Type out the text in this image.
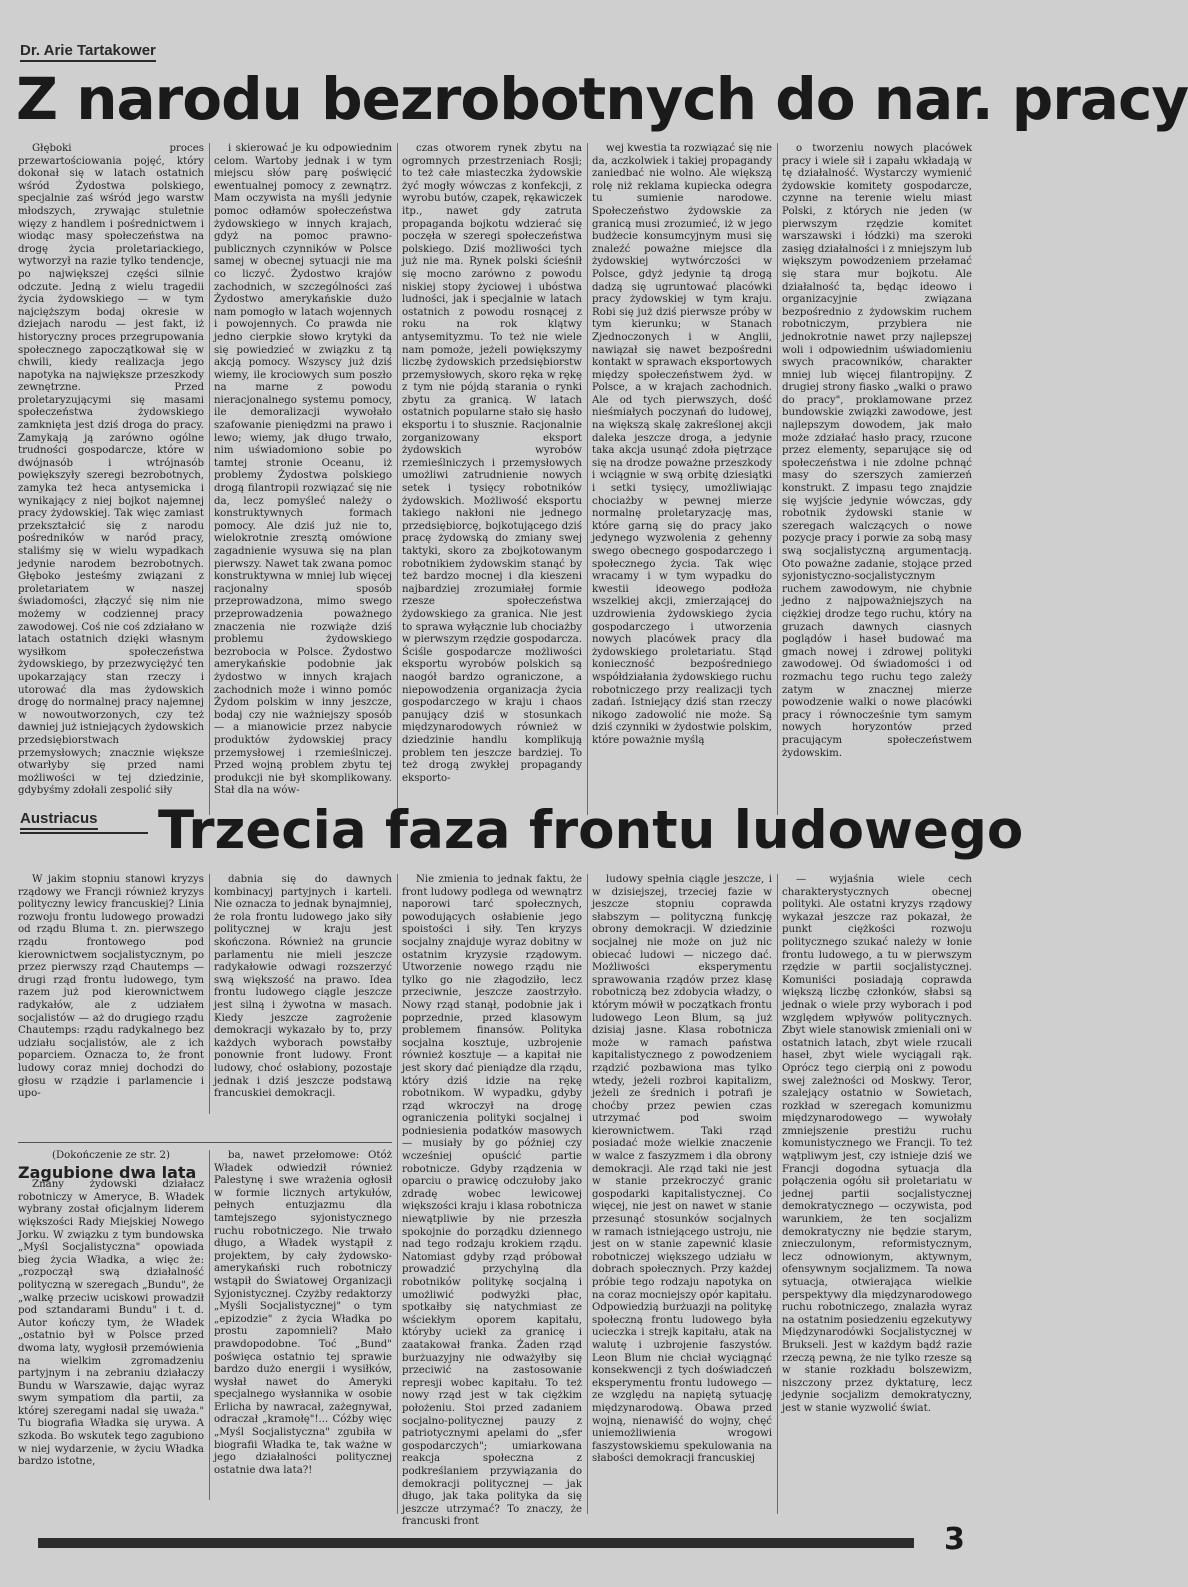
Dr. Arie Tartakower
Z narodu bezrobotnych do nar. pracy

Głęboki proces przewartościowania pojęć, który dokonał się w latach ostatnich wśród Żydostwa polskiego, specjalnie zaś wśród jego warstw młodszych, zrywając stuletnie więzy z handlem i pośrednictwem i wiodąc masy społeczeństwa na drogę życia proletariackiego, wytworzył na razie tylko tendencje, po największej części silnie odczute. Jedną z wielu tragedii życia żydowskiego — w tym najcięższym bodaj okresie w dziejach narodu — jest fakt, iż historyczny proces przegrupowania społecznego zapoczątkował się w chwili, kiedy realizacja jego napotyka na największe przeszkody zewnętrzne. Przed proletaryzującymi się masami społeczeństwa żydowskiego zamknięta jest dziś droga do pracy. Zamykają ją zarówno ogólne trudności gospodarcze, które w dwójnasób i wtrójnasób powiększyły szeregi bezrobotnych, zamyka też heca antysemicka i wynikający z niej bojkot najemnej pracy żydowskiej. Tak więc zamiast przekształcić się z narodu pośredników w naród pracy, staliśmy się w wielu wypadkach jedynie narodem bezrobotnych. Głęboko jesteśmy związani z proletariatem w naszej świadomości, złączyć się nim nie możemy w codziennej pracy zawodowej. Coś nie coś zdziałano w latach ostatnich dzięki własnym wysiłkom społeczeństwa żydowskiego, by przezwyciężyć ten upokarzający stan rzeczy i utorować dla mas żydowskich drogę do normalnej pracy najemnej w nowoutworzonych, czy też dawniej już istniejących żydowskich przedsiębiorstwach przemysłowych; znacznie większe otwarłyby się przed nami możliwości w tej dziedzinie, gdybyśmy zdołali zespolić siły

i skierować je ku odpowiednim celom. Wartoby jednak i w tym miejscu słów parę poświęcić ewentualnej pomocy z zewnątrz. Mam oczywista na myśli jedynie pomoc odłamów społeczeństwa żydowskiego w innych krajach, gdyż na pomoc prawno-publicznych czynników w Polsce samej w obecnej sytuacji nie ma co liczyć. Żydostwo krajów zachodnich, w szczególności zaś Żydostwo amerykańskie dużo nam pomogło w latach wojennych i powojennych. Co prawda nie jedno cierpkie słowo krytyki da się powiedzieć w związku z tą akcją pomocy. Wszyscy już dziś wiemy, ile krociowych sum poszło na marne z powodu nieracjonalnego systemu pomocy, ile demoralizacji wywołało szafowanie pieniędzmi na prawo i lewo; wiemy, jak długo trwało, nim uświadomiono sobie po tamtej stronie Oceanu, iż problemy Żydostwa polskiego drogą filantropii rozwiązać się nie da, lecz pomyśleć należy o konstruktywnych formach pomocy. Ale dziś już nie to, wielokrotnie zresztą omówione zagadnienie wysuwa się na plan pierwszy. Nawet tak zwana pomoc konstruktywna w mniej lub więcej racjonalny sposób przeprowadzona, mimo swego przeprowadzenia poważnego znaczenia nie rozwiąże dziś problemu żydowskiego bezrobocia w Polsce. Żydostwo amerykańskie podobnie jak żydostwo w innych krajach zachodnich może i winno pomóc Żydom polskim w inny jeszcze, bodaj czy nie ważniejszy sposób — a mianowicie przez nabycie produktów żydowskiej pracy przemysłowej i rzemieślniczej. Przed wojną problem zbytu tej produkcji nie był skomplikowany. Stał dla na wów-

czas otworem rynek zbytu na ogromnych przestrzeniach Rosji; to też całe miasteczka żydowskie żyć mogły wówczas z konfekcji, z wyrobu butów, czapek, rękawiczek itp., nawet gdy zatruta propaganda bojkotu wdzierać się poczęła w szeregi społeczeństwa polskiego. Dziś możliwości tych już nie ma. Rynek polski ścieśnił się mocno zarówno z powodu niskiej stopy życiowej i ubóstwa ludności, jak i specjalnie w latach ostatnich z powodu rosnącej z roku na rok klątwy antysemityzmu. To też nie wiele nam pomoże, jeżeli powiększymy liczbę żydowskich przedsiębiorstw przemysłowych, skoro ręka w rękę z tym nie pójdą starania o rynki zbytu za granicą. W latach ostatnich popularne stało się hasło eksportu i to słusznie. Racjonalnie zorganizowany eksport żydowskich wyrobów rzemieślniczych i przemysłowych umożliwi zatrudnienie nowych setek i tysięcy robotników żydowskich. Możliwość eksportu takiego nakłoni nie jednego przedsiębiorcę, bojkotującego dziś pracę żydowską do zmiany swej taktyki, skoro za zbojkotowanym robotnikiem żydowskim stanąć by też bardzo mocnej i dla kieszeni najbardziej zrozumiałej formie rzesze społeczeństwa żydowskiego za granica. Nie jest to sprawa wyłącznie lub chociażby w pierwszym rzędzie gospodarcza. Ściśle gospodarcze możliwości eksportu wyrobów polskich są naogół bardzo ograniczone, a niepowodzenia organizacja życia gospodarczego w kraju i chaos panujący dziś w stosunkach międzynarodowych również w dziedzinie handlu komplikują problem ten jeszcze bardziej. To też drogą zwykłej propagandy eksporto-

wej kwestia ta rozwiązać się nie da, aczkolwiek i takiej propagandy zaniedbać nie wolno. Ale większą rolę niż reklama kupiecka odegra tu sumienie narodowe. Społeczeństwo żydowskie za granicą musi zrozumieć, iż w jego budżecie konsumcyjnym musi się znaleźć poważne miejsce dla żydowskiej wytwórczości w Polsce, gdyż jedynie tą drogą dadzą się ugruntować placówki pracy żydowskiej w tym kraju. Robi się już dziś pierwsze próby w tym kierunku; w Stanach Zjednoczonych i w Anglii, nawiązał się nawet bezpośredni kontakt w sprawach eksportowych między społeczeństwem żyd. w Polsce, a w krajach zachodnich. Ale od tych pierwszych, dość nieśmiałych poczynań do ludowej, na większą skalę zakreślonej akcji daleka jeszcze droga, a jedynie taka akcja usunąć zdoła piętrzące się na drodze poważne przeszkody i wciągnie w swą orbitę dziesiątki i setki tysięcy, umożliwiając chociażby w pewnej mierze normalnę proletaryzację mas, które garną się do pracy jako jedynego wyzwolenia z gehenny swego obecnego gospodarczego i społecznego życia. Tak więc wracamy i w tym wypadku do kwestii ideowego podłoża wszelkiej akcji, zmierzającej do uzdrowienia żydowskiego życia gospodarczego i utworzenia nowych placówek pracy dla żydowskiego proletariatu. Stąd konieczność bezpośredniego współdziałania żydowskiego ruchu robotniczego przy realizacji tych zadań. Istniejący dziś stan rzeczy nikogo zadowolić nie może. Są dziś czynniki w żydostwie polskim, które poważnie myślą

o tworzeniu nowych placówek pracy i wiele sił i zapału wkładają w tę działalność. Wystarczy wymienić żydowskie komitety gospodarcze, czynne na terenie wielu miast Polski, z których nie jeden (w pierwszym rzędzie komitet warszawski i łódzki) ma szeroki zasięg działalności i z mniejszym lub większym powodzeniem przełamać się stara mur bojkotu. Ale działalność ta, będąc ideowo i organizacyjnie związana bezpośrednio z żydowskim ruchem robotniczym, przybiera nie jednokrotnie nawet przy najlepszej woli i odpowiednim uświadomieniu swych pracowników, charakter mniej lub więcej filantropijny. Z drugiej strony fiasko „walki o prawo do pracy", proklamowane przez bundowskie związki zawodowe, jest najlepszym dowodem, jak mało może zdziałać hasło pracy, rzucone przez elementy, separujące się od społeczeństwa i nie zdolne pchnąć masy do szerszych zamierzeń konstrukt. Z impasu tego znajdzie się wyjście jedynie wówczas, gdy robotnik żydowski stanie w szeregach walczących o nowe pozycje pracy i porwie za sobą masy swą socjalistyczną argumentacją. Oto poważne zadanie, stojące przed syjonistyczno-socjalistycznym ruchem zawodowym, nie chybnie jedno z najpoważniejszych na ciężkiej drodze tego ruchu, który na gruzach dawnych ciasnych poglądów i haseł budować ma gmach nowej i zdrowej polityki zawodowej. Od świadomości i od rozmachu tego ruchu tego zależy zatym w znacznej mierze powodzenie walki o nowe placówki pracy i równocześnie tym samym nowych horyzontów przed pracującym społeczeństwem żydowskim.

Austriacus Trzecia faza frontu ludowego

W jakim stopniu stanowi kryzys rządowy we Francji również kryzys polityczny lewicy francuskiej? Linia rozwoju frontu ludowego prowadzi od rządu Bluma t. zn. pierwszego rządu frontowego pod kierownictwem socjalistycznym, po przez pierwszy rząd Chautemps — drugi rząd frontu ludowego, tym razem już pod kierownictwem radykałów, ale z udziałem socjalistów — aż do drugiego rządu Chautemps: rządu radykalnego bez udziału socjalistów, ale z ich poparciem. Oznacza to, że front ludowy coraz mniej dochodzi do głosu w rządzie i parlamencie i upo-

dabnia się do dawnych kombinacyj partyjnych i karteli. Nie oznacza to jednak bynajmniej, że rola frontu ludowego jako siły politycznej w kraju jest skończona. Również na gruncie parlamentu nie mieli jeszcze radykałowie odwagi rozszerzyć swą większość na prawo. Idea frontu ludowego ciągle jeszcze jest silną i żywotna w masach. Kiedy jeszcze zagrożenie demokracji wykazało by to, przy każdych wyborach powstałby ponownie front ludowy. Front ludowy, choć osłabiony, pozostaje jednak i dziś jeszcze podstawą francuskiei demokracji.

Nie zmienia to jednak faktu, że front ludowy podlega od wewnątrz naporowi tarć społecznych, powodujących osłabienie jego spoistości i siły. Ten kryzys socjalny znajduje wyraz dobitny w ostatnim kryzysie rządowym. Utworzenie nowego rządu nie tylko go nie złagodziło, lecz przeciwnie, jeszcze zaostrzyło. Nowy rząd stanął, podobnie jak i poprzednie, przed klasowym problemem finansów. Polityka socjalna kosztuje, uzbrojenie również kosztuje — a kapitał nie jest skory dać pieniądze dla rządu, który dziś idzie na rękę robotnikom. W wypadku, gdyby rząd wkroczył na drogę ograniczenia polityki socjalnej i podniesienia podatków masowych — musiały by go później czy wcześniej opuścić partie robotnicze. Gdyby rządzenia w oparciu o prawicę odczułoby jako zdradę wobec lewicowej większości kraju i klasa robotnicza niewątpliwie by nie przeszła spokojnie do porządku dziennego nad tego rodzaju krokiem rządu. Natomiast gdyby rząd próbował prowadzić przychylną dla robotników politykę socjalną i umożliwić podwyżki płac, spotkałby się natychmiast ze wściekłym oporem kapitału, któryby uciekł za granicę i zaatakował franka. Żaden rząd burżuazyjny nie odważyłby się przeciwić na zastosowanie represji wobec kapitału. To też nowy rząd jest w tak ciężkim położeniu. Stoi przed zadaniem socjalno-politycznej pauzy z patriotycznymi apelami do „sfer gospodarczych"; umiarkowana reakcja społeczna z podkreślaniem przywiązania do demokracji politycznej — jak długo, jak taka polityka da się jeszcze utrzymać? To znaczy, że francuski front

ludowy spełnia ciągle jeszcze, i w dzisiejszej, trzeciej fazie w jeszcze stopniu coprawda słabszym — polityczną funkcję obrony demokracji. W dziedzinie socjalnej nie może on już nic obiecać ludowi — niczego dać. Możliwości eksperymentu sprawowania rządów przez klasę robotniczą bez zdobycia władzy, o którym mówił w początkach frontu ludowego Leon Blum, są już dzisiaj jasne. Klasa robotnicza może w ramach państwa kapitalistycznego z powodzeniem rządzić pozbawiona mas tylko wtedy, jeżeli rozbroi kapitalizm, jeżeli ze średnich i potrafi je choćby przez pewien czas utrzymać pod swoim kierownictwem. Taki rząd posiadać może wielkie znaczenie w walce z faszyzmem i dla obrony demokracji. Ale rząd taki nie jest w stanie przekroczyć granic gospodarki kapitalistycznej. Co więcej, nie jest on nawet w stanie przesunąć stosunków socjalnych w ramach istniejącego ustroju, nie jest on w stanie zapewnić klasie robotniczej większego udziału w dobrach społecznych. Przy każdej próbie tego rodzaju napotyka on na coraz mocniejszy opór kapitału. Odpowiedzią burżuazji na politykę społeczną frontu ludowego była ucieczka i strejk kapitału, atak na walutę i uzbrojenie faszystów. Leon Blum nie chciał wyciągnąć konsekwencji z tych doświadczeń eksperymentu frontu ludowego — ze względu na napiętą sytuację międzynarodową. Obawa przed wojną, nienawiść do wojny, chęć uniemożliwienia wrogowi faszystowskiemu spekulowania na słabości demokracji francuskiej

— wyjaśnia wiele cech charakterystycznych obecnej polityki. Ale ostatni kryzys rządowy wykazał jeszcze raz pokazał, że punkt ciężkości rozwoju politycznego szukać należy w łonie frontu ludowego, a tu w pierwszym rzędzie w partii socjalistycznej. Komuniści posiadają coprawda większą liczbę członków, słabsi są jednak o wiele przy wyborach i pod względem wpływów politycznych. Zbyt wiele stanowisk zmieniali oni w ostatnich latach, zbyt wiele rzucali haseł, zbyt wiele wyciągali rąk. Oprócz tego cierpią oni z powodu swej zależności od Moskwy. Teror, szalejący ostatnio w Sowietach, rozkład w szeregach komunizmu międzynarodowego — wywołały zmniejszenie prestiżu ruchu komunistycznego we Francji. To też wątpliwym jest, czy istnieje dziś we Francji dogodna sytuacja dla połączenia ogółu sił proletariatu w jednej partii socjalistycznej demokratycznego — oczywista, pod warunkiem, że ten socjalizm demokratyczny nie będzie starym, znieczulonym, reformistycznym, lecz odnowionym, aktywnym, ofensywnym socjalizmem. Ta nowa sytuacja, otwierająca wielkie perspektywy dla międzynarodowego ruchu robotniczego, znalazła wyraz na ostatnim posiedzeniu egzekutywy Międzynarodówki Socjalistycznej w Brukseli. Jest w każdym bądź razie rzeczą pewną, że nie tylko rzesze są w stanie rozkładu bolszewizm, niszczony przez dyktaturę, lecz jedynie socjalizm demokratyczny, jest w stanie wyzwolić świat.

(Dokończenie ze str. 2)

Zagubione dwa lata

Znany żydowski działacz robotniczy w Ameryce, B. Władek wybrany został oficjalnym liderem większości Rady Miejskiej Nowego Jorku. W związku z tym bundowska „Myśl Socjalistyczna" opowiada bieg życia Władka, a więc że: „rozpoczął swą działalność polityczną w szeregach „Bundu", że „walkę przeciw uciskowi prowadził pod sztandarami Bundu" i t. d. Autor kończy tym, że Władek „ostatnio był w Polsce przed dwoma laty, wygłosił przemówienia na wielkim zgromadzeniu partyjnym i na zebraniu działaczy Bundu w Warszawie, dając wyraz swym sympatiom dla partii, za której szeregami nadal się uważa." Tu biografia Władka się urywa. A szkoda. Bo wskutek tego zagubiono w niej wydarzenie, w życiu Władka bardzo istotne,

ba, nawet przełomowe: Otóż Władek odwiedził również Palestynę i swe wrażenia ogłosił w formie licznych artykułów, pełnych entuzjazmu dla tamtejszego syjonistycznego ruchu robotniczego. Nie trwało długo, a Władek wystąpił z projektem, by cały żydowsko-amerykański ruch robotniczy wstąpił do Światowej Organizacji Syjonistycznej. Czyżby redaktorzy „Myśli Socjalistycznej" o tym „epizodzie" z życia Władka po prostu zapomnieli? Mało prawdopodobne. Toć „Bund" poświęca ostatnio tej sprawie bardzo dużo energii i wysiłków, wysłał nawet do Ameryki specjalnego wysłannika w osobie Erlicha by nawracał, zażegnywał, odraczał „kramołę"!... Cóżby więc „Myśl Socjalistyczna" zgubiła w biografii Władka te, tak ważne w jego działalności politycznej ostatnie dwa lata?!

3
